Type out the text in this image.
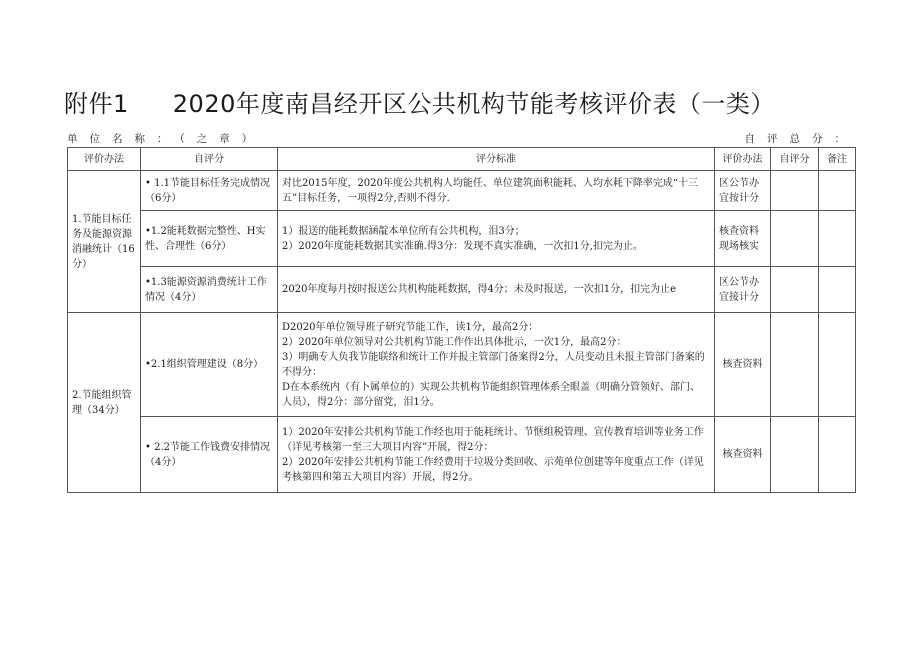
附件1 2020年度南昌经开区公共机构节能考核评价表（一类）
单位名称：（之章）	自评总分：
评价办法	自评分	评分标准	评价办法	自评分	备注
1.节能目标任务及能源资源消融统计（16分）	• 1.1节能目标任务完成情况（6分）	对比2015年度，2020年度公共机构人均能任、单位建筑面积能耗、人均水耗下降率完成“十三五”目标任务，一项得2分,否则不得分.	区公节办宜按计分		
	•1.2能耗数据完整性、H实性、合理性（6分）	1）报送的能耗数据涵靛本单位所有公共机构，泪3分；
2）2020年度能耗数据其实准确.得3分：发现不真实准确，一次扣1分,扣完为止。	核查资料现场核实		
	•1.3能源资源消费统计工作情况（4分）	2020年度每月按时报送公共机构能耗数据，得4分；未及时报送，一次扣1分，扣完为止e	区公节办宜接计分		
2.节能组织管理（34分）	•2.1组织管理建设（8分）	D2020年单位领导班子研究节能工作，读1分，最高2分：
2）2020年单位领导对公共机构节能工作作出具体批示，一次1分，最高2分：
3）明确专人负我节能联络和统计工作并报主管部门备案得2分，人员变动且未报主管部门备案的不得分：
D在本系统内（有卜属单位的）实现公共机构节能组织管理体系全眼盖（明确分管领好、部门、人员），得2分：部分留党，泪1分。	核査资料		
	• 2.2节能工作钱费安排情况（4分）	1）2020年安排公共机构节能工作经也用于能耗统计、节惬组税管理、宣传教育培训等业务工作（详见考核第一至三大项目内容”开展，得2分：
2）2020年安排公共机构节能工作经费用于垃圾分类回收、示苑单位创建等年度重点工作（详见考核第四和第五大项目内容）开展，得2分。	核查资料		
